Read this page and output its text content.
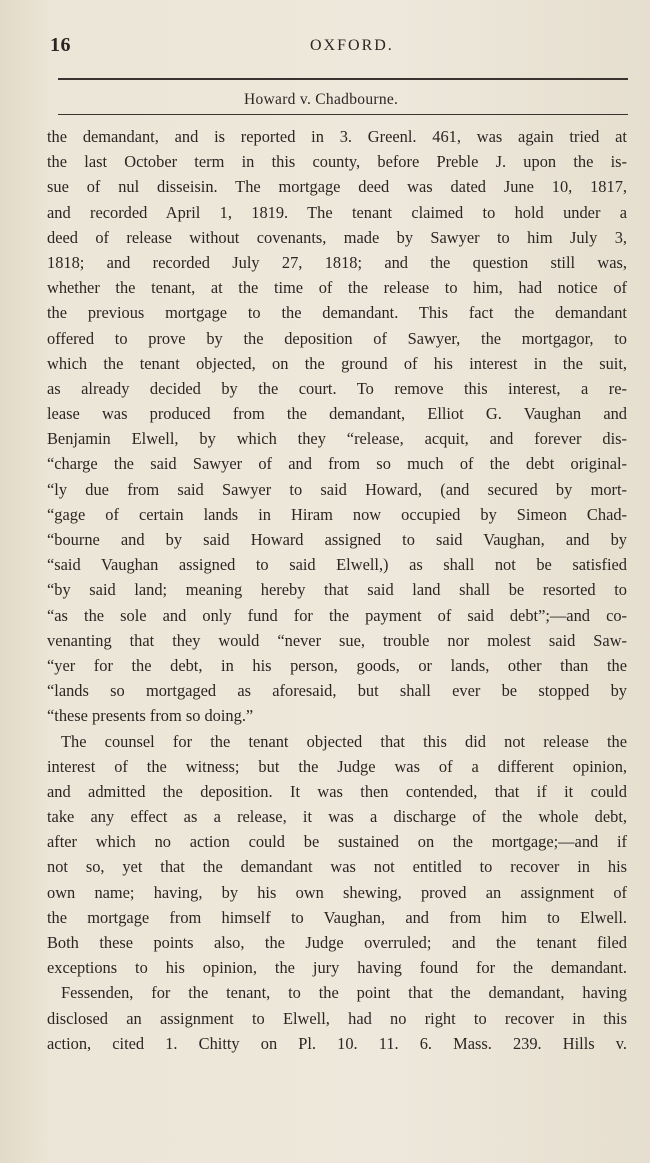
16	OXFORD.
Howard v. Chadbourne.
the demandant, and is reported in 3. Greenl. 461, was again tried at
the last October term in this county, before Preble J. upon the is-
sue of nul disseisin. The mortgage deed was dated June 10, 1817,
and recorded April 1, 1819. The tenant claimed to hold under a
deed of release without covenants, made by Sawyer to him July 3,
1818; and recorded July 27, 1818; and the question still was,
whether the tenant, at the time of the release to him, had notice of
the previous mortgage to the demandant. This fact the demandant
offered to prove by the deposition of Sawyer, the mortgagor, to
which the tenant objected, on the ground of his interest in the suit,
as already decided by the court. To remove this interest, a re-
lease was produced from the demandant, Elliot G. Vaughan and
Benjamin Elwell, by which they “release, acquit, and forever dis-
“charge the said Sawyer of and from so much of the debt original-
“ly due from said Sawyer to said Howard, (and secured by mort-
“gage of certain lands in Hiram now occupied by Simeon Chad-
“bourne and by said Howard assigned to said Vaughan, and by
“said Vaughan assigned to said Elwell,) as shall not be satisfied
“by said land; meaning hereby that said land shall be resorted to
“as the sole and only fund for the payment of said debt”;—and co-
venanting that they would “never sue, trouble nor molest said Saw-
“yer for the debt, in his person, goods, or lands, other than the
“lands so mortgaged as aforesaid, but shall ever be stopped by
“these presents from so doing.”
The counsel for the tenant objected that this did not release the
interest of the witness; but the Judge was of a different opinion,
and admitted the deposition. It was then contended, that if it could
take any effect as a release, it was a discharge of the whole debt,
after which no action could be sustained on the mortgage;—and if
not so, yet that the demandant was not entitled to recover in his
own name; having, by his own shewing, proved an assignment of
the mortgage from himself to Vaughan, and from him to Elwell.
Both these points also, the Judge overruled; and the tenant filed
exceptions to his opinion, the jury having found for the demandant.
Fessenden, for the tenant, to the point that the demandant, having
disclosed an assignment to Elwell, had no right to recover in this
action, cited 1. Chitty on Pl. 10. 11. 6. Mass. 239. Hills v.
